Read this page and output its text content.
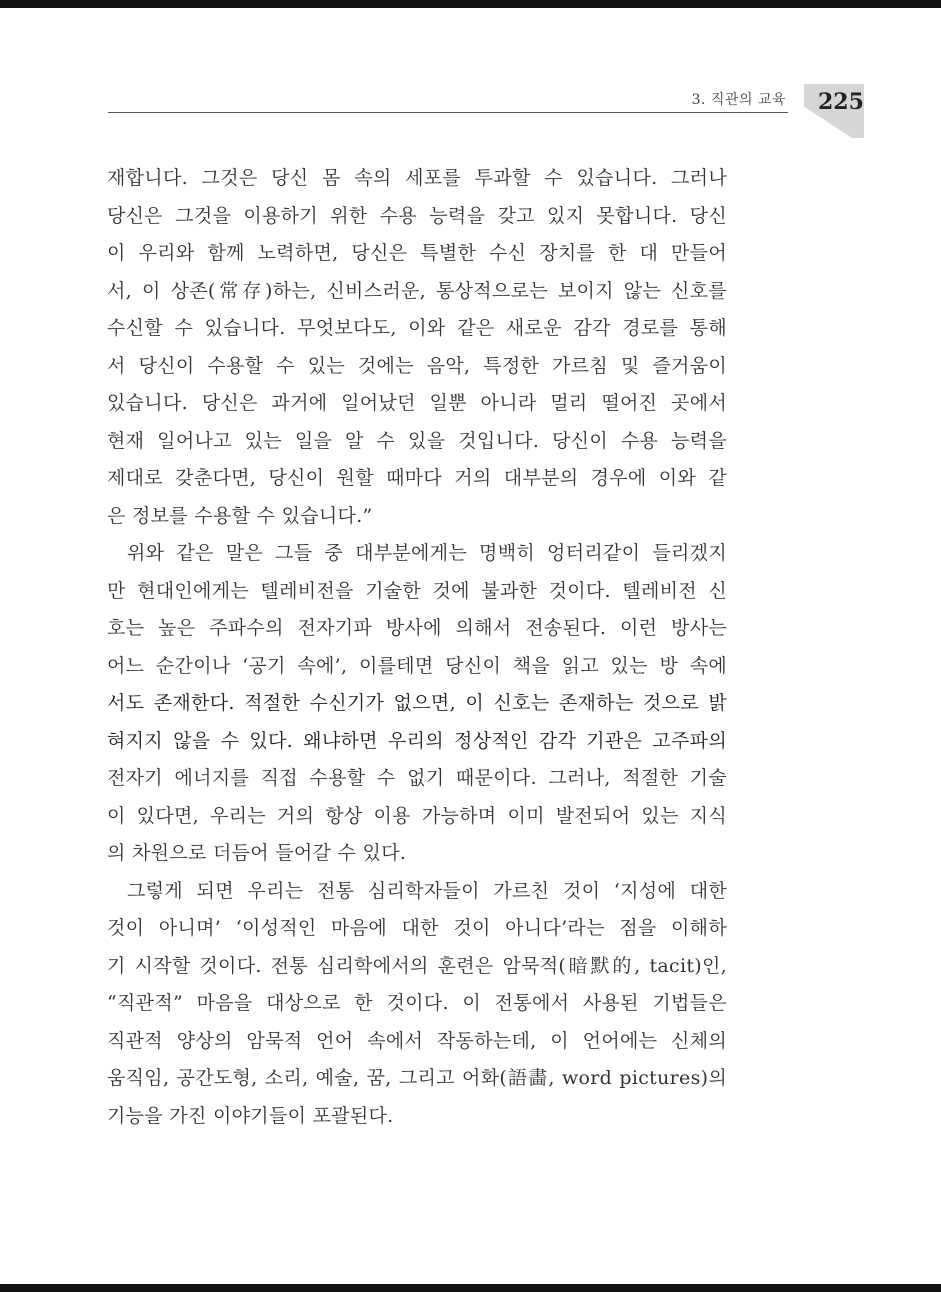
3. 직관의 교육 225
재합니다. 그것은 당신 몸 속의 세포를 투과할 수 있습니다. 그러나
당신은 그것을 이용하기 위한 수용 능력을 갖고 있지 못합니다. 당신
이 우리와 함께 노력하면, 당신은 특별한 수신 장치를 한 대 만들어
서, 이 상존(常存)하는, 신비스러운, 통상적으로는 보이지 않는 신호를
수신할 수 있습니다. 무엇보다도, 이와 같은 새로운 감각 경로를 통해
서 당신이 수용할 수 있는 것에는 음악, 특정한 가르침 및 즐거움이
있습니다. 당신은 과거에 일어났던 일뿐 아니라 멀리 떨어진 곳에서
현재 일어나고 있는 일을 알 수 있을 것입니다. 당신이 수용 능력을
제대로 갖춘다면, 당신이 원할 때마다 거의 대부분의 경우에 이와 같
은 정보를 수용할 수 있습니다.”
위와 같은 말은 그들 중 대부분에게는 명백히 엉터리같이 들리겠지
만 현대인에게는 텔레비전을 기술한 것에 불과한 것이다. 텔레비전 신
호는 높은 주파수의 전자기파 방사에 의해서 전송된다. 이런 방사는
어느 순간이나 ‘공기 속에’, 이를테면 당신이 책을 읽고 있는 방 속에
서도 존재한다. 적절한 수신기가 없으면, 이 신호는 존재하는 것으로 밝
혀지지 않을 수 있다. 왜냐하면 우리의 정상적인 감각 기관은 고주파의
전자기 에너지를 직접 수용할 수 없기 때문이다. 그러나, 적절한 기술
이 있다면, 우리는 거의 항상 이용 가능하며 이미 발전되어 있는 지식
의 차원으로 더듬어 들어갈 수 있다.
그렇게 되면 우리는 전통 심리학자들이 가르친 것이 ‘지성에 대한
것이 아니며’ ‘이성적인 마음에 대한 것이 아니다’라는 점을 이해하
기 시작할 것이다. 전통 심리학에서의 훈련은 암묵적(暗默的, tacit)인,
“직관적” 마음을 대상으로 한 것이다. 이 전통에서 사용된 기법들은
직관적 양상의 암묵적 언어 속에서 작동하는데, 이 언어에는 신체의
움직임, 공간도형, 소리, 예술, 꿈, 그리고 어화(語畵, word pictures)의
기능을 가진 이야기들이 포괄된다.
